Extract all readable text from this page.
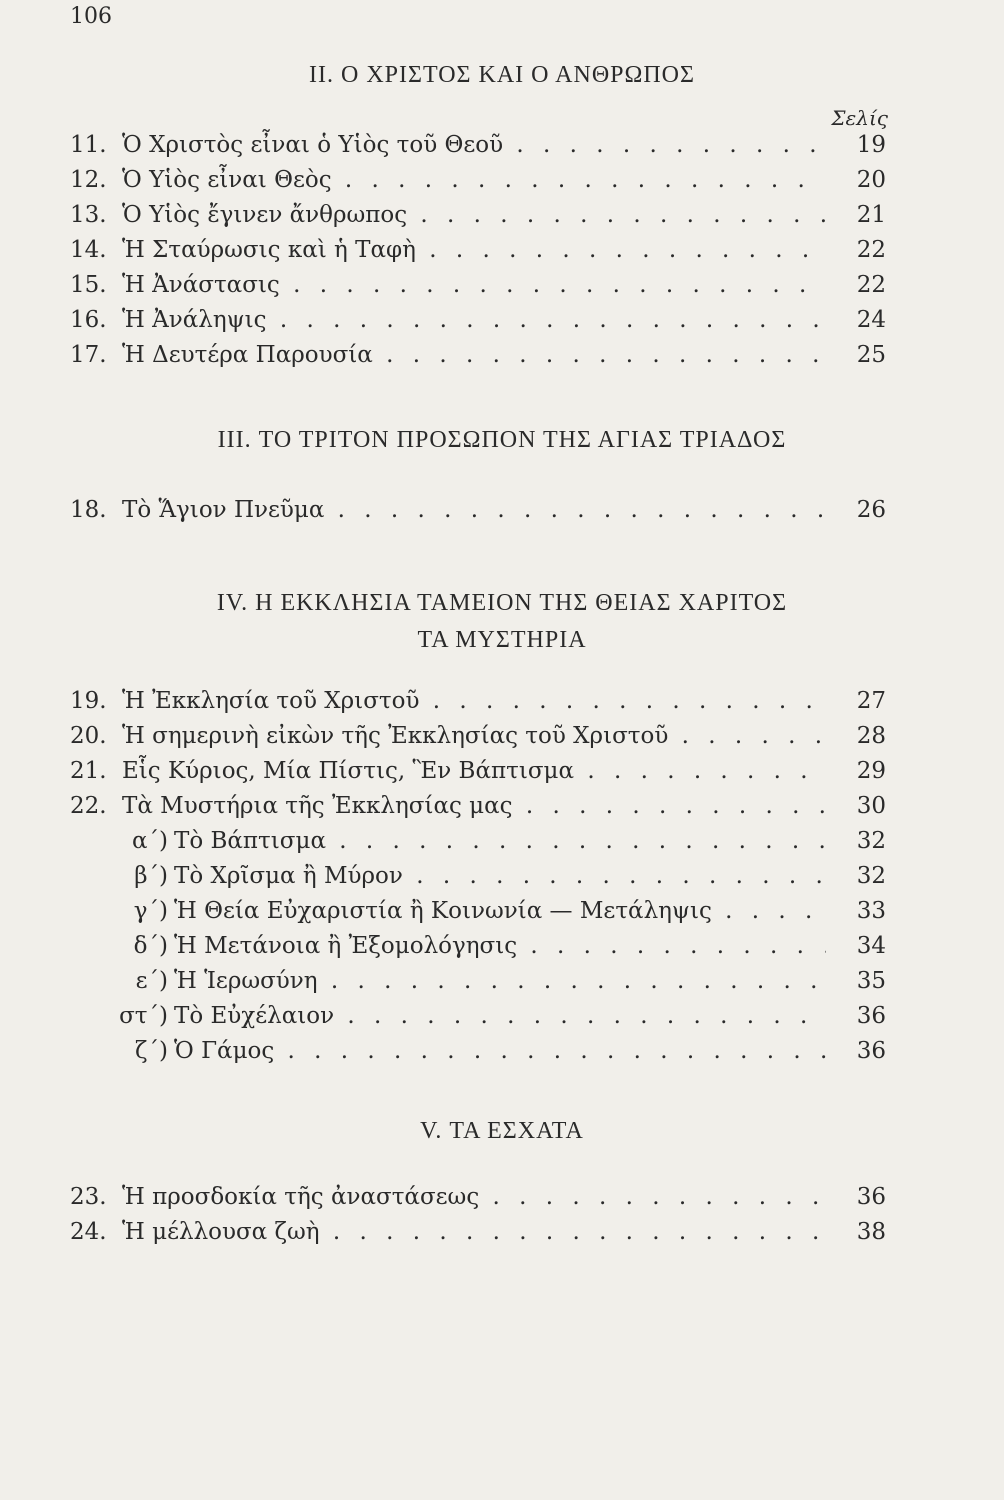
106
II. Ο ΧΡΙΣΤΟΣ ΚΑΙ Ο ΑΝΘΡΩΠΟΣ
Σελίς
III. ΤΟ ΤΡΙΤΟΝ ΠΡΟΣΩΠΟΝ ΤΗΣ ΑΓΙΑΣ ΤΡΙΑΔΟΣ
IV. Η ΕΚΚΛΗΣΙΑ ΤΑΜΕΙΟΝ ΤΗΣ ΘΕΙΑΣ ΧΑΡΙΤΟΣ
ΤΑ ΜΥΣΤΗΡΙΑ
V. ΤΑ ΕΣΧΑΤΑ
11. Ὁ Χριστὸς εἶναι ὁ Υἱὸς τοῦ Θεοῦ . . .	19
12. Ὁ Υἱὸς εἶναι Θεὸς . . .	20
13. Ὁ Υἱὸς ἔγινεν ἄνθρωπος . . .	21
14. Ἡ Σταύρωσις καὶ ἡ Ταφὴ . . .	22
15. Ἡ Ἀνάστασις . . .	22
16. Ἡ Ἀνάληψις . . .	24
17. Ἡ Δευτέρα Παρουσία . . .	25
18. Τὸ Ἅγιον Πνεῦμα . . .	26
19. Ἡ Ἐκκλησία τοῦ Χριστοῦ . . .	27
20. Ἡ σημερινὴ εἰκὼν τῆς Ἐκκλησίας τοῦ Χριστοῦ . . .	28
21. Εἷς Κύριος, Μία Πίστις, Ἓν Βάπτισμα . . .	29
22. Τὰ Μυστήρια τῆς Ἐκκλησίας μας . . .	30
α΄) Τὸ Βάπτισμα . . .	32
β΄) Τὸ Χρῖσμα ἢ Μύρον . . .	32
γ΄) Ἡ Θεία Εὐχαριστία ἢ Κοινωνία — Μετάληψις . . .	33
δ΄) Ἡ Μετάνοια ἢ Ἐξομολόγησις . . .	34
ε΄) Ἡ Ἱερωσύνη . . .	35
στ΄) Τὸ Εὐχέλαιον . . .	36
ζ΄) Ὁ Γάμος . . .	36
23. Ἡ προσδοκία τῆς ἀναστάσεως . . .	36
24. Ἡ μέλλουσα ζωὴ . . .	38
